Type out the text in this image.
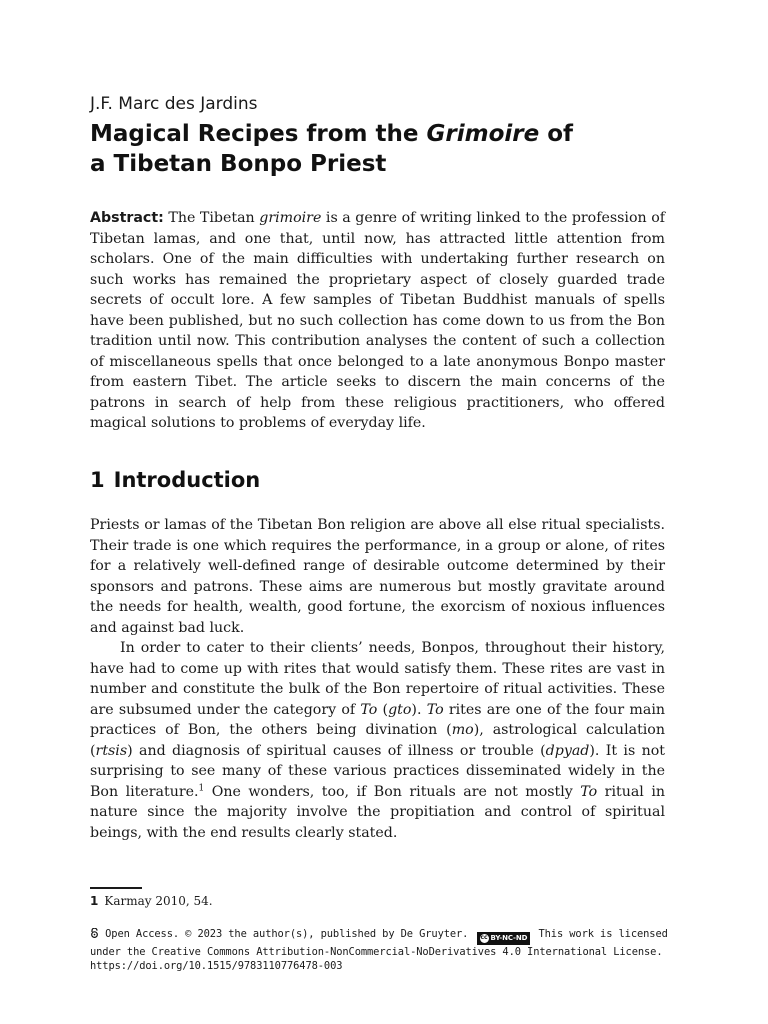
J.F. Marc des Jardins
Magical Recipes from the Grimoire of
a Tibetan Bonpo Priest

Abstract: The Tibetan grimoire is a genre of writing linked to the profession of Tibetan lamas, and one that, until now, has attracted little attention from scholars. One of the main difficulties with undertaking further research on such works has remained the proprietary aspect of closely guarded trade secrets of occult lore. A few samples of Tibetan Buddhist manuals of spells have been published, but no such collection has come down to us from the Bon tradition until now. This contribution analyses the content of such a collection of miscellaneous spells that once belonged to a late anonymous Bonpo master from eastern Tibet. The article seeks to discern the main concerns of the patrons in search of help from these religious practitioners, who offered magical solutions to problems of everyday life.

1 Introduction

Priests or lamas of the Tibetan Bon religion are above all else ritual specialists. Their trade is one which requires the performance, in a group or alone, of rites for a relatively well-defined range of desirable outcome determined by their sponsors and patrons. These aims are numerous but mostly gravitate around the needs for health, wealth, good fortune, the exorcism of noxious influences and against bad luck.

In order to cater to their clients’ needs, Bonpos, throughout their history, have had to come up with rites that would satisfy them. These rites are vast in number and constitute the bulk of the Bon repertoire of ritual activities. These are subsumed under the category of To (gto). To rites are one of the four main practices of Bon, the others being divination (mo), astrological calculation (rtsis) and diagnosis of spiritual causes of illness or trouble (dpyad). It is not surprising to see many of these various practices disseminated widely in the Bon literature.$^1$ One wonders, too, if Bon rituals are not mostly To ritual in nature since the majority involve the propitiation and control of spiritual beings, with the end results clearly stated.

1 Karmay 2010, 54.
Open Access. © 2023 the author(s), published by De Gruyter. cc BY-NC-ND This work is licensed under the Creative Commons Attribution-NonCommercial-NoDerivatives 4.0 International License.
https://doi.org/10.1515/9783110776478-003
